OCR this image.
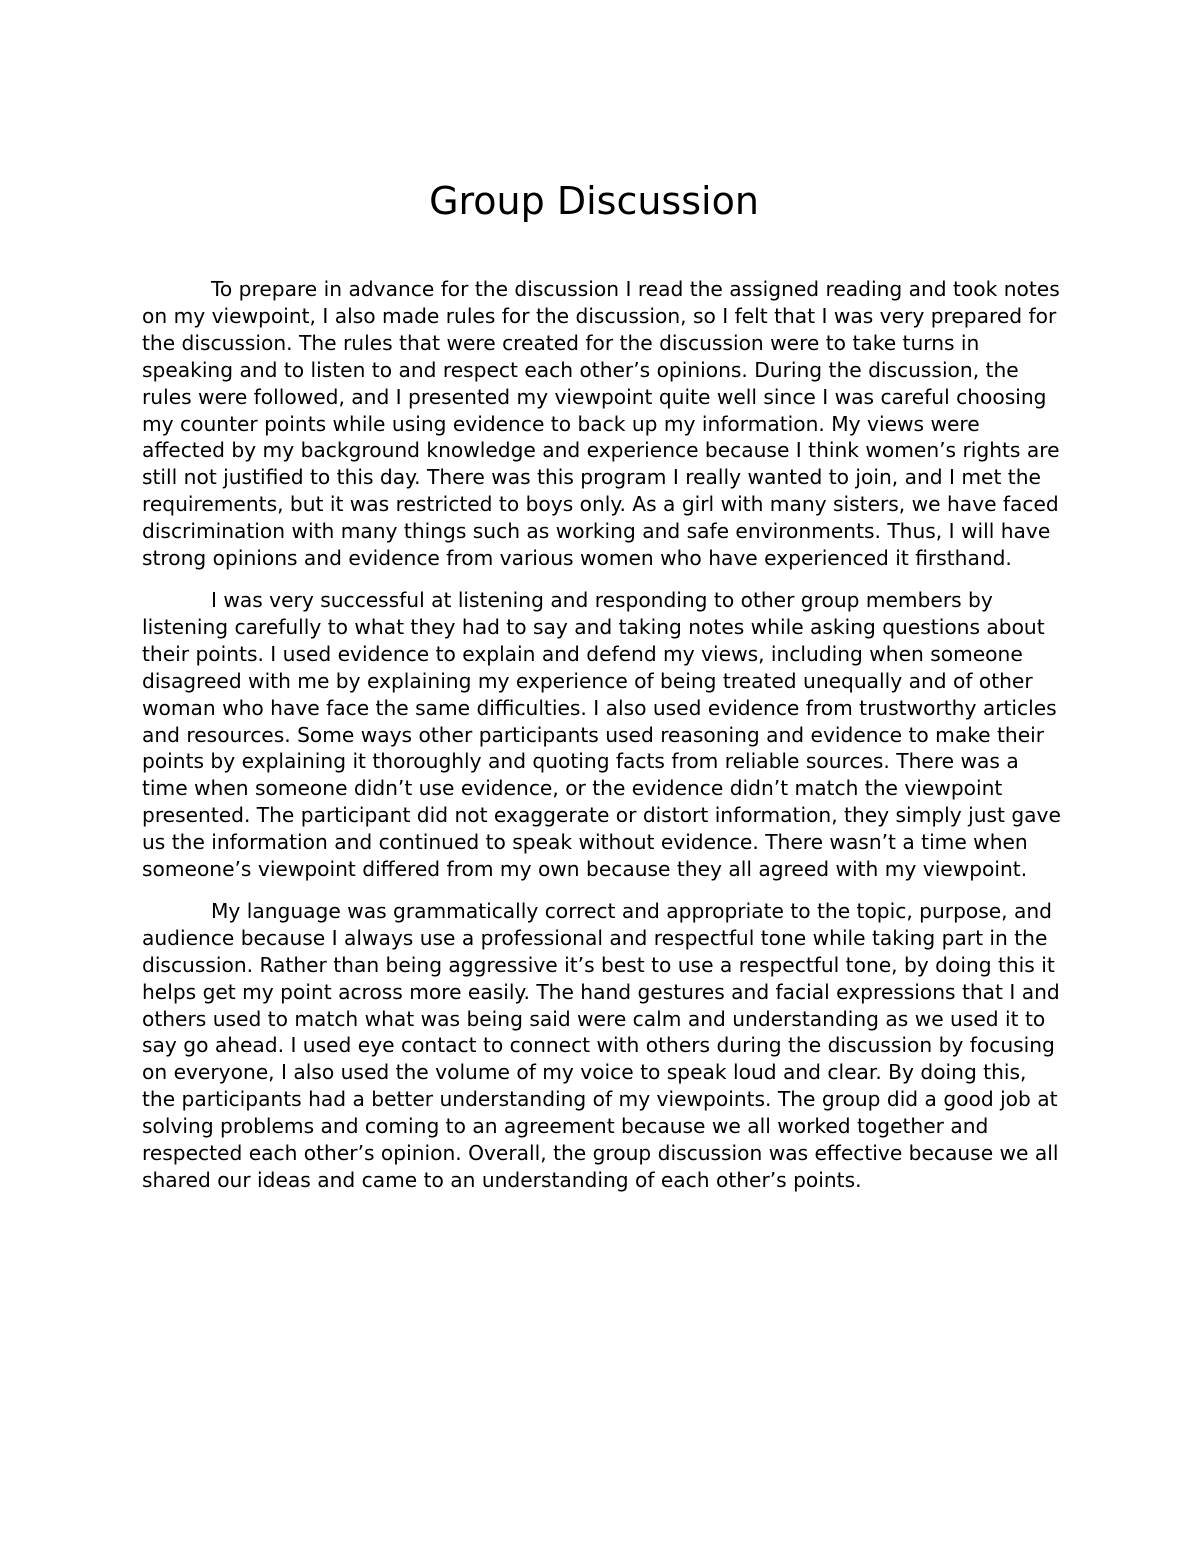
Group Discussion

To prepare in advance for the discussion I read the assigned reading and took notes on my viewpoint, I also made rules for the discussion, so I felt that I was very prepared for the discussion. The rules that were created for the discussion were to take turns in speaking and to listen to and respect each other’s opinions. During the discussion, the rules were followed, and I presented my viewpoint quite well since I was careful choosing my counter points while using evidence to back up my information. My views were affected by my background knowledge and experience because I think women’s rights are still not justified to this day. There was this program I really wanted to join, and I met the requirements, but it was restricted to boys only. As a girl with many sisters, we have faced discrimination with many things such as working and safe environments. Thus, I will have strong opinions and evidence from various women who have experienced it firsthand.

I was very successful at listening and responding to other group members by listening carefully to what they had to say and taking notes while asking questions about their points. I used evidence to explain and defend my views, including when someone disagreed with me by explaining my experience of being treated unequally and of other woman who have face the same difficulties. I also used evidence from trustworthy articles and resources. Some ways other participants used reasoning and evidence to make their points by explaining it thoroughly and quoting facts from reliable sources. There was a time when someone didn’t use evidence, or the evidence didn’t match the viewpoint presented. The participant did not exaggerate or distort information, they simply just gave us the information and continued to speak without evidence. There wasn’t a time when someone’s viewpoint differed from my own because they all agreed with my viewpoint.

My language was grammatically correct and appropriate to the topic, purpose, and audience because I always use a professional and respectful tone while taking part in the discussion. Rather than being aggressive it’s best to use a respectful tone, by doing this it helps get my point across more easily. The hand gestures and facial expressions that I and others used to match what was being said were calm and understanding as we used it to say go ahead. I used eye contact to connect with others during the discussion by focusing on everyone, I also used the volume of my voice to speak loud and clear. By doing this, the participants had a better understanding of my viewpoints. The group did a good job at solving problems and coming to an agreement because we all worked together and respected each other’s opinion. Overall, the group discussion was effective because we all shared our ideas and came to an understanding of each other’s points.
